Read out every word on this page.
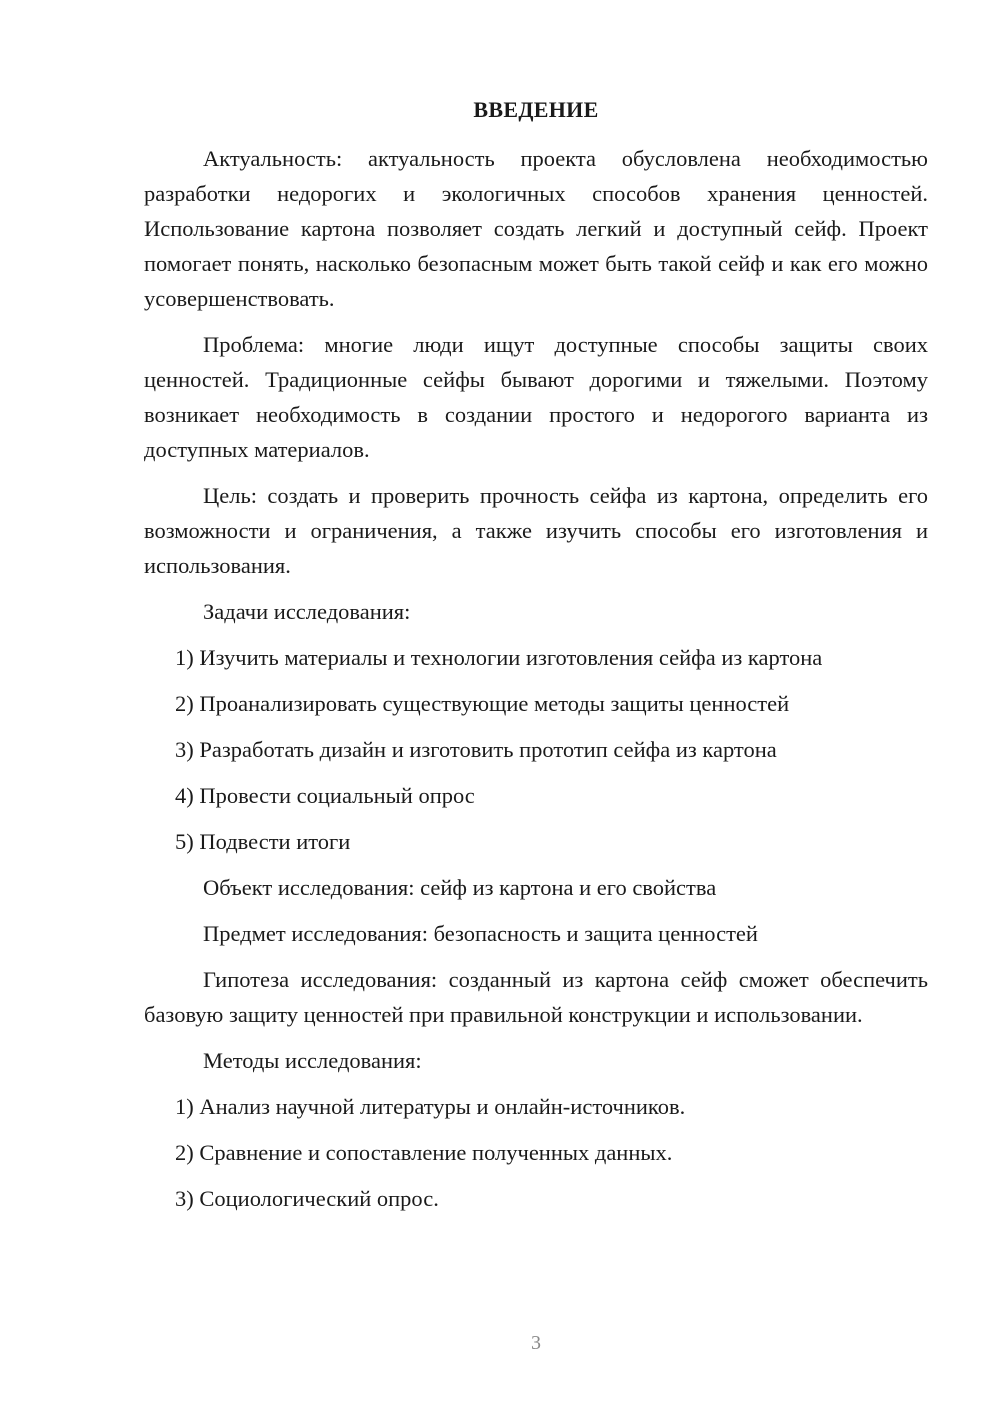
ВВЕДЕНИЕ

Актуальность: актуальность проекта обусловлена необходимостью разработки недорогих и экологичных способов хранения ценностей. Использование картона позволяет создать легкий и доступный сейф. Проект помогает понять, насколько безопасным может быть такой сейф и как его можно усовершенствовать.

Проблема: многие люди ищут доступные способы защиты своих ценностей. Традиционные сейфы бывают дорогими и тяжелыми. Поэтому возникает необходимость в создании простого и недорогого варианта из доступных материалов.

Цель: создать и проверить прочность сейфа из картона, определить его возможности и ограничения, а также изучить способы его изготовления и использования.

Задачи исследования:

1) Изучить материалы и технологии изготовления сейфа из картона

2) Проанализировать существующие методы защиты ценностей

3) Разработать дизайн и изготовить прототип сейфа из картона

4) Провести социальный опрос

5) Подвести итоги

Объект исследования: сейф из картона и его свойства

Предмет исследования: безопасность и защита ценностей

Гипотеза исследования: созданный из картона сейф сможет обеспечить базовую защиту ценностей при правильной конструкции и использовании.

Методы исследования:

1) Анализ научной литературы и онлайн-источников.

2) Сравнение и сопоставление полученных данных.

3) Социологический опрос.

3
